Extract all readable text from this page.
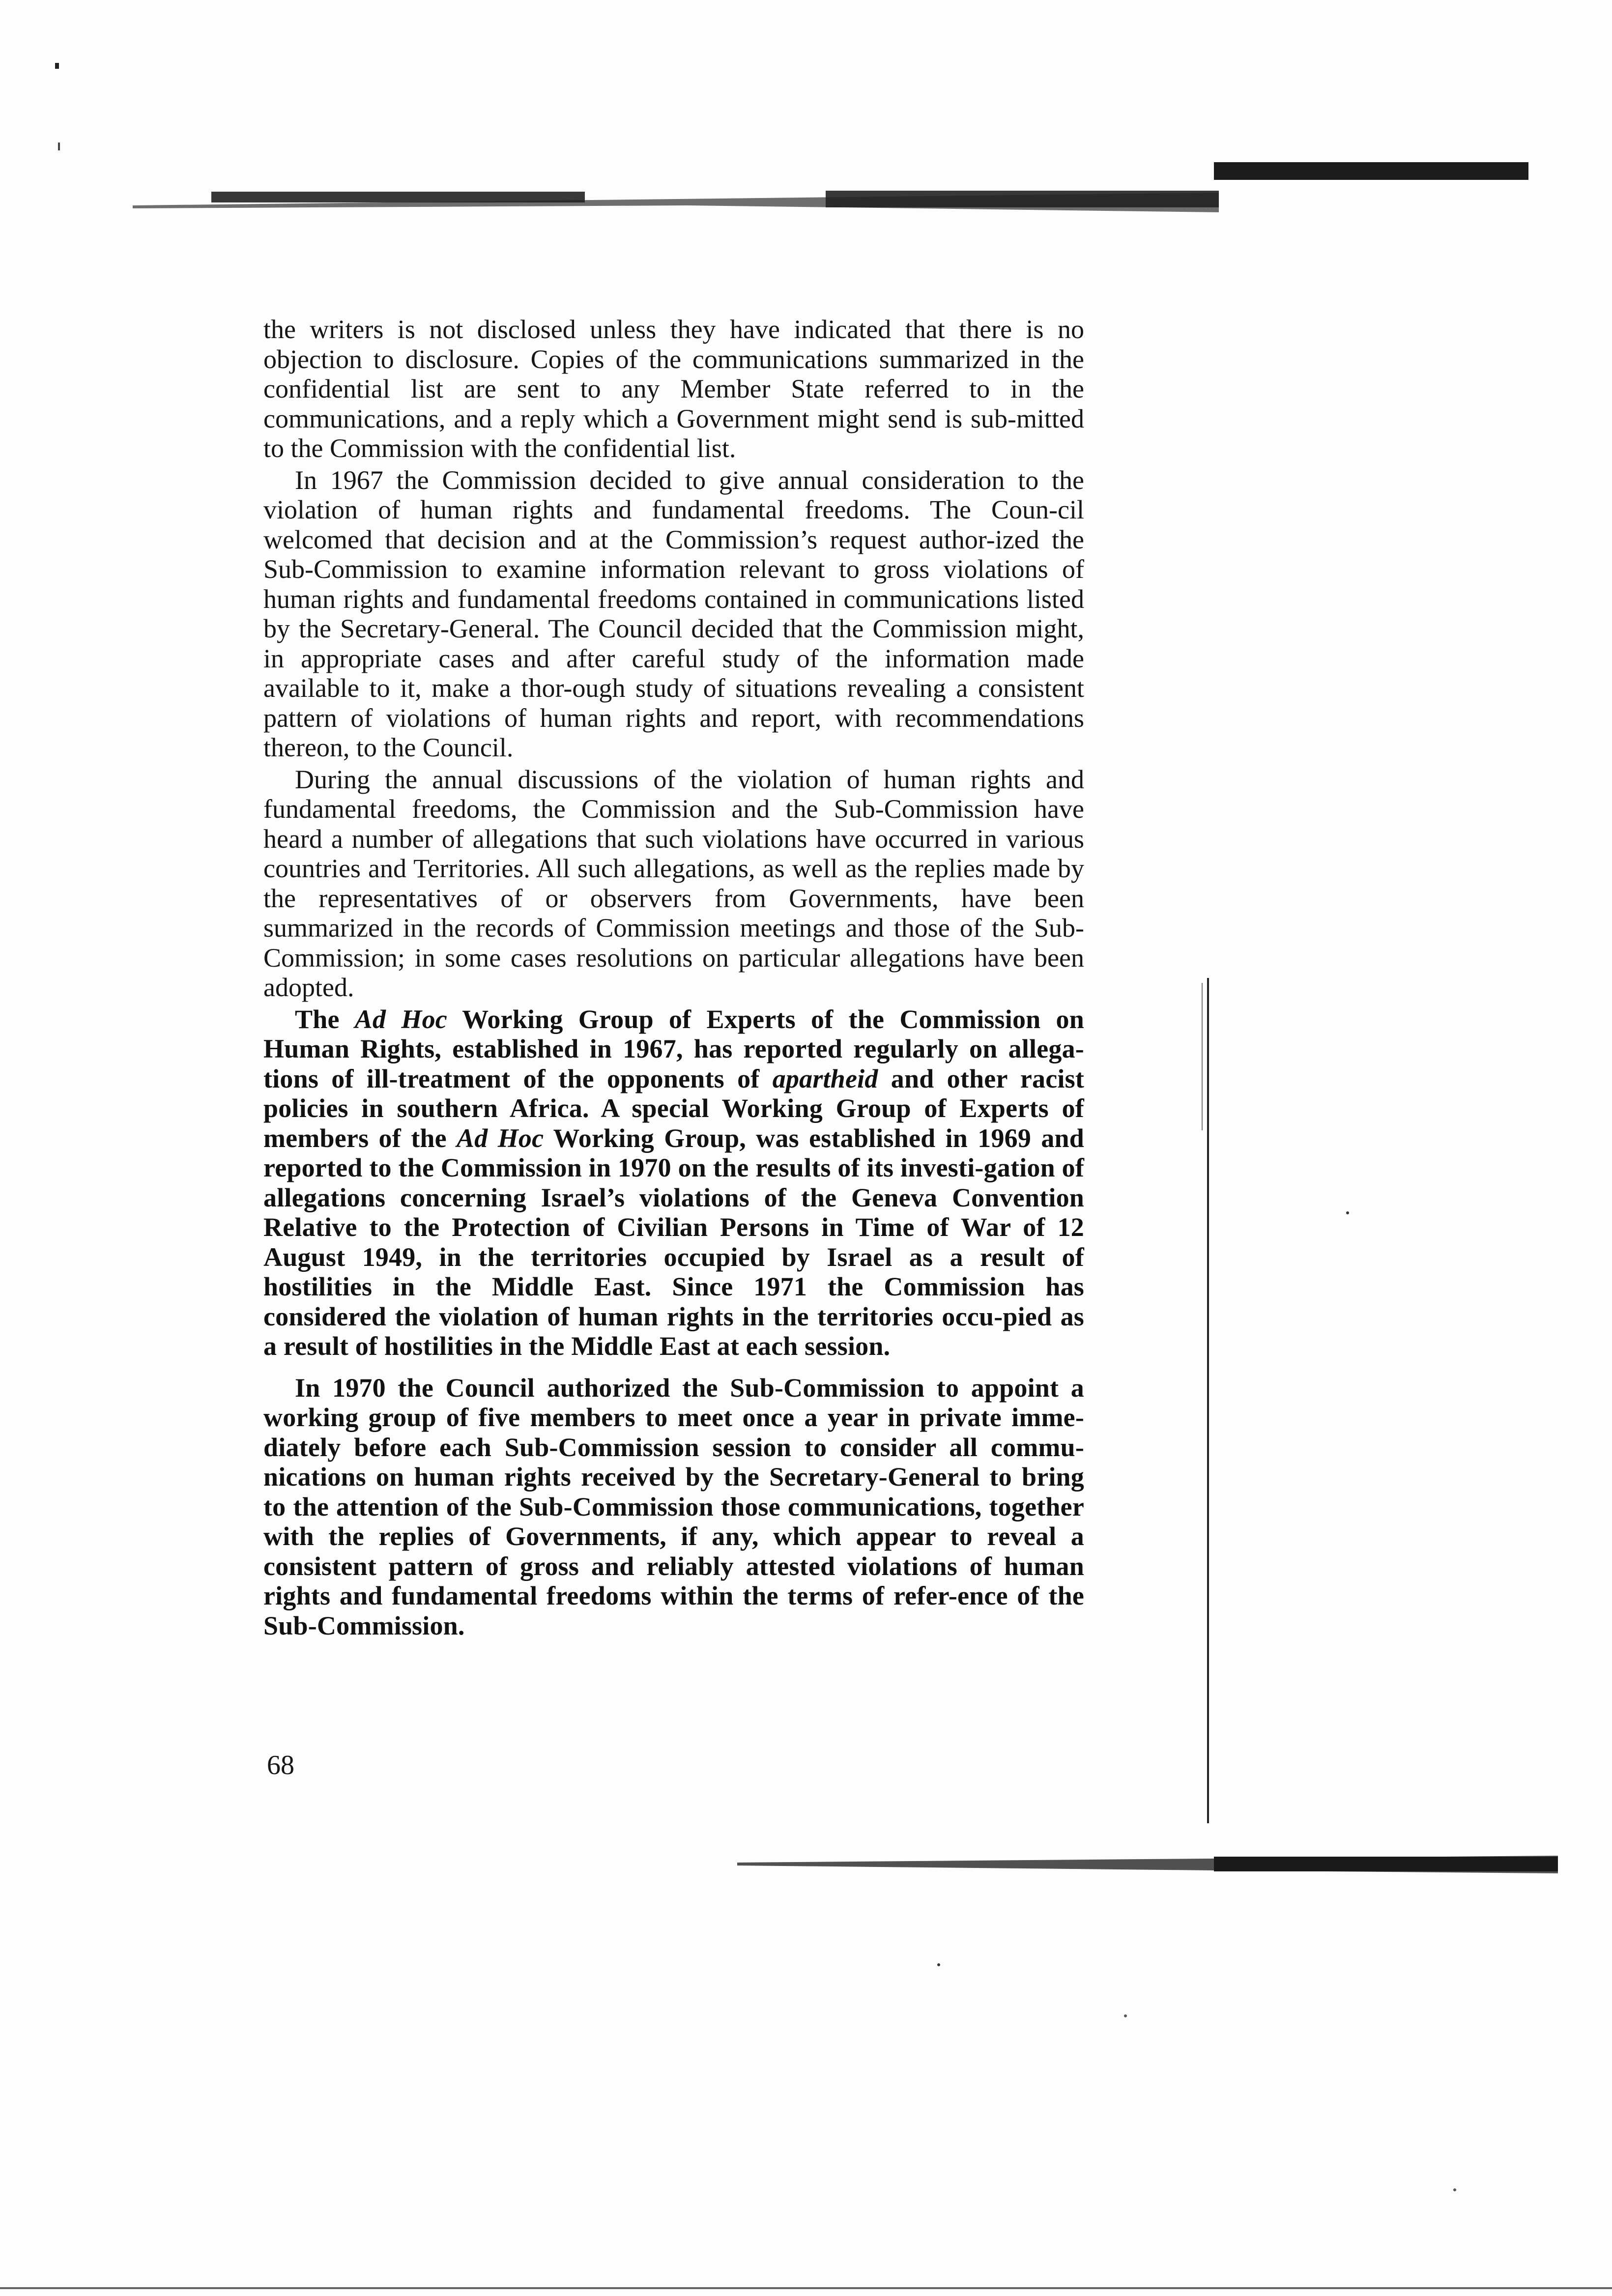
the writers is not disclosed unless they have indicated that there is no objection to disclosure. Copies of the communications summarized in the confidential list are sent to any Member State referred to in the communications, and a reply which a Government might send is sub-mitted to the Commission with the confidential list.

In 1967 the Commission decided to give annual consideration to the violation of human rights and fundamental freedoms. The Coun-cil welcomed that decision and at the Commission’s request author-ized the Sub-Commission to examine information relevant to gross violations of human rights and fundamental freedoms contained in communications listed by the Secretary-General. The Council decided that the Commission might, in appropriate cases and after careful study of the information made available to it, make a thor-ough study of situations revealing a consistent pattern of violations of human rights and report, with recommendations thereon, to the Council.

During the annual discussions of the violation of human rights and fundamental freedoms, the Commission and the Sub-Commission have heard a number of allegations that such violations have occurred in various countries and Territories. All such allegations, as well as the replies made by the representatives of or observers from Governments, have been summarized in the records of Commission meetings and those of the Sub-Commission; in some cases resolutions on particular allegations have been adopted.

The Ad Hoc Working Group of Experts of the Commission on Human Rights, established in 1967, has reported regularly on allega-tions of ill-treatment of the opponents of apartheid and other racist policies in southern Africa. A special Working Group of Experts of members of the Ad Hoc Working Group, was established in 1969 and reported to the Commission in 1970 on the results of its investi-gation of allegations concerning Israel’s violations of the Geneva Convention Relative to the Protection of Civilian Persons in Time of War of 12 August 1949, in the territories occupied by Israel as a result of hostilities in the Middle East. Since 1971 the Commission has considered the violation of human rights in the territories occu-pied as a result of hostilities in the Middle East at each session.

In 1970 the Council authorized the Sub-Commission to appoint a working group of five members to meet once a year in private imme-diately before each Sub-Commission session to consider all commu-nications on human rights received by the Secretary-General to bring to the attention of the Sub-Commission those communications, together with the replies of Governments, if any, which appear to reveal a consistent pattern of gross and reliably attested violations of human rights and fundamental freedoms within the terms of refer-ence of the Sub-Commission.

68
